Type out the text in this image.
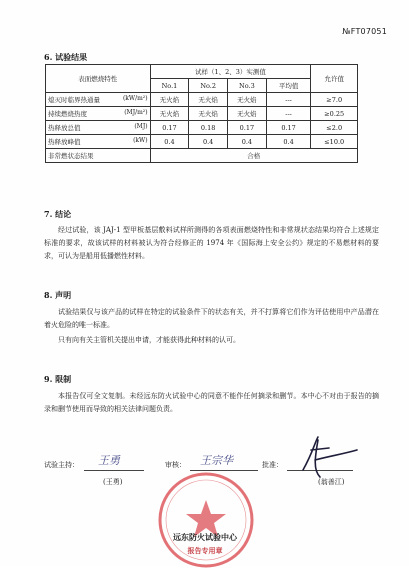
№FT07051
6. 试验结果
表面燃烧特性	试样（1、2、3）实测值				允许值
	No.1	No.2	No.3	平均值	

熄灭时临界热通量 (kW/m²)	无火焰	无火焰	无火焰	---	≥7.0

持续燃烧热度 (MJ/m²)	无火焰	无火焰	无火焰	---	≥0.25

热释放总值 (MJ)	0.17	0.18	0.17	0.17	≤2.0

热释放峰值 (kW)	0.4	0.4	0.4	0.4	≤10.0
非常燃状态结果	合格				
7. 结论
经过试验，该 JAJ-1 型甲板基层敷料试样所测得的各项表面燃烧特性和非常规状态结果均符合上述规定标准的要求，故该试样的材料被认为符合经修正的 1974 年《国际海上安全公约》规定的不易燃材料的要求，可认为是船用低播燃性材料。
8. 声明
试验结果仅与该产品的试样在特定的试验条件下的状态有关，并不打算将它们作为评估使用中产品潜在着火危险的唯一标准。
只有向有关主管机关提出申请，才能获得此种材料的认可。
9. 限制
本报告仅可全文复制。未经远东防火试验中心的同意不能作任何摘录和删节。本中心不对由于报告的摘录和删节使用而导致的相关法律问题负责。
试验主持： 王勇
(王勇)
审核： 王宗华	批准：
(翁善江)
远东防火试验中心
报告专用章
